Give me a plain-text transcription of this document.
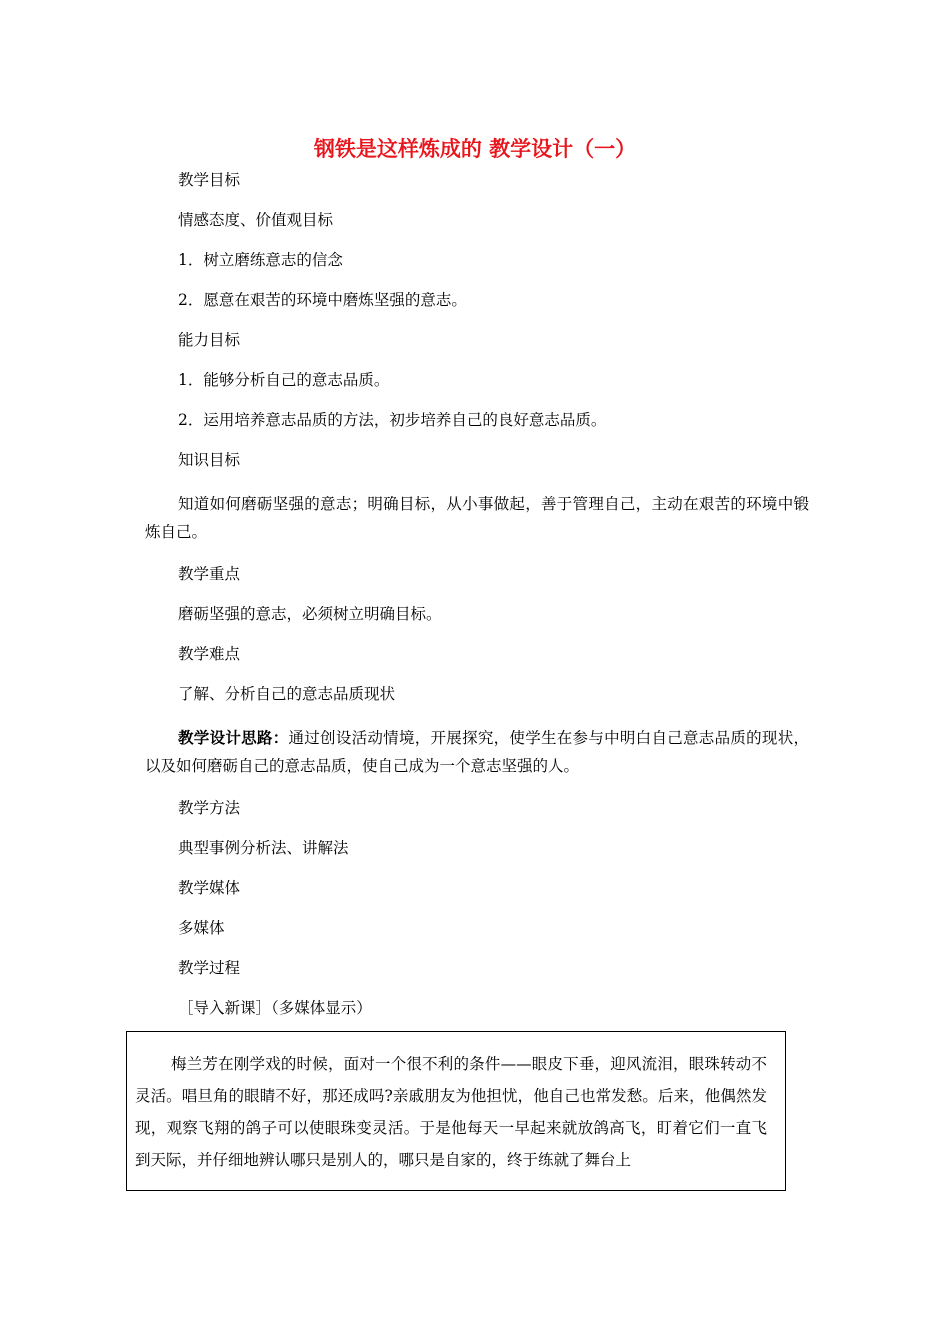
钢铁是这样炼成的 教学设计（一）

教学目标

情感态度、价值观目标

1．树立磨练意志的信念

2．愿意在艰苦的环境中磨炼坚强的意志。

能力目标

1．能够分析自己的意志品质。

2．运用培养意志品质的方法，初步培养自己的良好意志品质。

知识目标

知道如何磨砺坚强的意志；明确目标，从小事做起，善于管理自己，主动在艰苦的环境中锻炼自己。

教学重点

磨砺坚强的意志，必须树立明确目标。

教学难点

了解、分析自己的意志品质现状

教学设计思路：通过创设活动情境，开展探究，使学生在参与中明白自己意志品质的现状，以及如何磨砺自己的意志品质，使自己成为一个意志坚强的人。

教学方法

典型事例分析法、讲解法

教学媒体

多媒体

教学过程

［导入新课］（多媒体显示）

梅兰芳在刚学戏的时候，面对一个很不利的条件——眼皮下垂，迎风流泪，眼珠转动不灵活。唱旦角的眼睛不好，那还成吗?亲戚朋友为他担忧，他自己也常发愁。后来，他偶然发现，观察飞翔的鸽子可以使眼珠变灵活。于是他每天一早起来就放鸽高飞，盯着它们一直飞到天际，并仔细地辨认哪只是别人的，哪只是自家的，终于练就了舞台上
